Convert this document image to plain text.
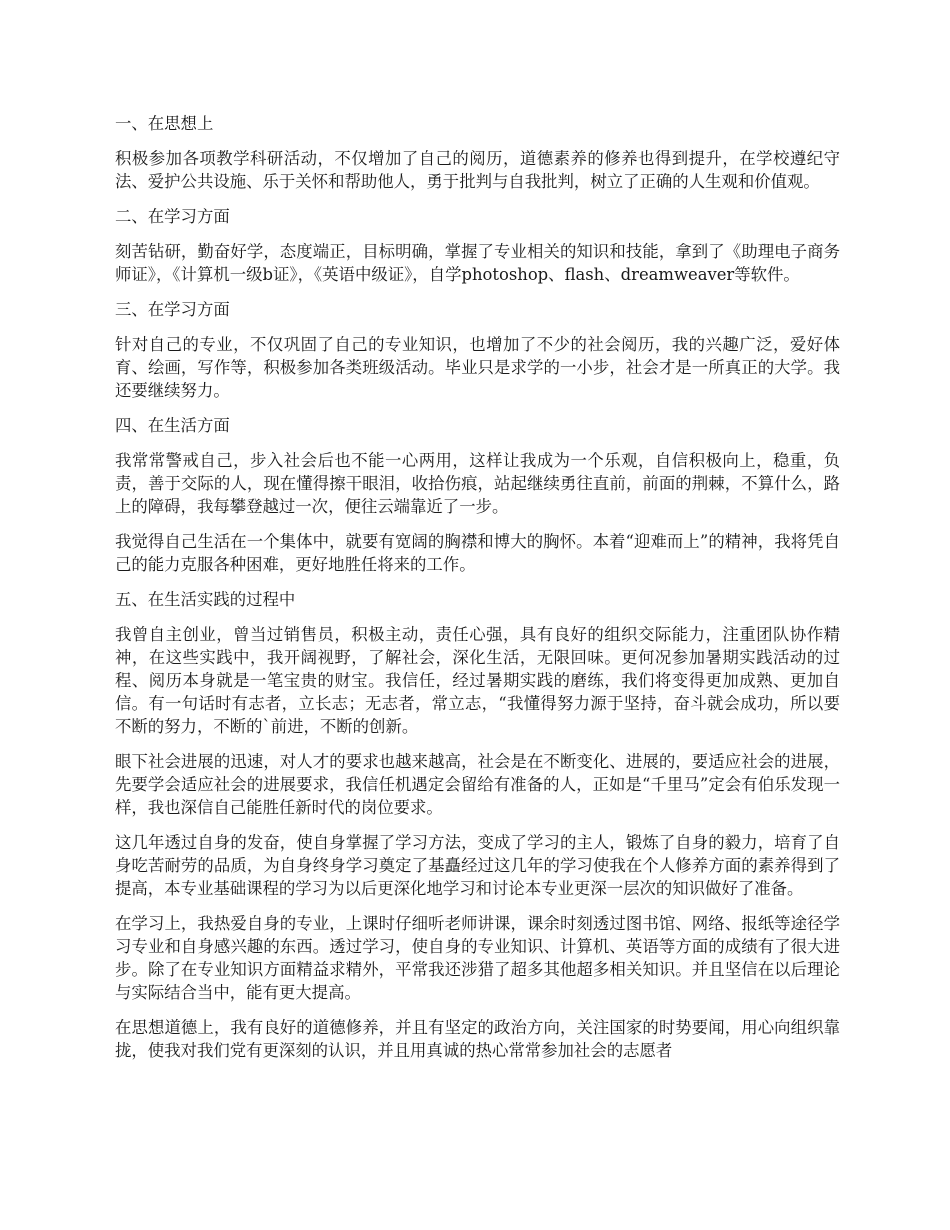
一、在思想上

积极参加各项教学科研活动，不仅增加了自己的阅历，道德素养的修养也得到提升，在学校遵纪守法、爱护公共设施、乐于关怀和帮助他人，勇于批判与自我批判，树立了正确的人生观和价值观。

二、在学习方面

刻苦钻研，勤奋好学，态度端正，目标明确，掌握了专业相关的知识和技能，拿到了《助理电子商务师证》，《计算机一级b证》，《英语中级证》，自学photoshop、flash、dreamweaver等软件。

三、在学习方面

针对自己的专业，不仅巩固了自己的专业知识，也增加了不少的社会阅历，我的兴趣广泛，爱好体育、绘画，写作等，积极参加各类班级活动。毕业只是求学的一小步，社会才是一所真正的大学。我还要继续努力。

四、在生活方面

我常常警戒自己，步入社会后也不能一心两用，这样让我成为一个乐观，自信积极向上，稳重，负责，善于交际的人，现在懂得擦干眼泪，收拾伤痕，站起继续勇往直前，前面的荆棘，不算什么，路上的障碍，我每攀登越过一次，便往云端靠近了一步。

我觉得自己生活在一个集体中，就要有宽阔的胸襟和博大的胸怀。本着“迎难而上”的精神，我将凭自己的能力克服各种困难，更好地胜任将来的工作。

五、在生活实践的过程中

我曾自主创业，曾当过销售员，积极主动，责任心强，具有良好的组织交际能力，注重团队协作精神，在这些实践中，我开阔视野，了解社会，深化生活，无限回味。更何况参加暑期实践活动的过程、阅历本身就是一笔宝贵的财宝。我信任，经过暑期实践的磨练，我们将变得更加成熟、更加自信。有一句话时有志者，立长志；无志者，常立志，“我懂得努力源于坚持，奋斗就会成功，所以要不断的努力，不断的`前进，不断的创新。

眼下社会进展的迅速，对人才的要求也越来越高，社会是在不断变化、进展的，要适应社会的进展，先要学会适应社会的进展要求，我信任机遇定会留给有准备的人，正如是“千里马”定会有伯乐发现一样，我也深信自己能胜任新时代的岗位要求。

这几年透过自身的发奋，使自身掌握了学习方法，变成了学习的主人，锻炼了自身的毅力，培育了自身吃苦耐劳的品质，为自身终身学习奠定了基矗经过这几年的学习使我在个人修养方面的素养得到了提高，本专业基础课程的学习为以后更深化地学习和讨论本专业更深一层次的知识做好了准备。

在学习上，我热爱自身的专业，上课时仔细听老师讲课，课余时刻透过图书馆、网络、报纸等途径学习专业和自身感兴趣的东西。透过学习，使自身的专业知识、计算机、英语等方面的成绩有了很大进步。除了在专业知识方面精益求精外，平常我还涉猎了超多其他超多相关知识。并且坚信在以后理论与实际结合当中，能有更大提高。

在思想道德上，我有良好的道德修养，并且有坚定的政治方向，关注国家的时势要闻，用心向组织靠拢，使我对我们党有更深刻的认识，并且用真诚的热心常常参加社会的志愿者
